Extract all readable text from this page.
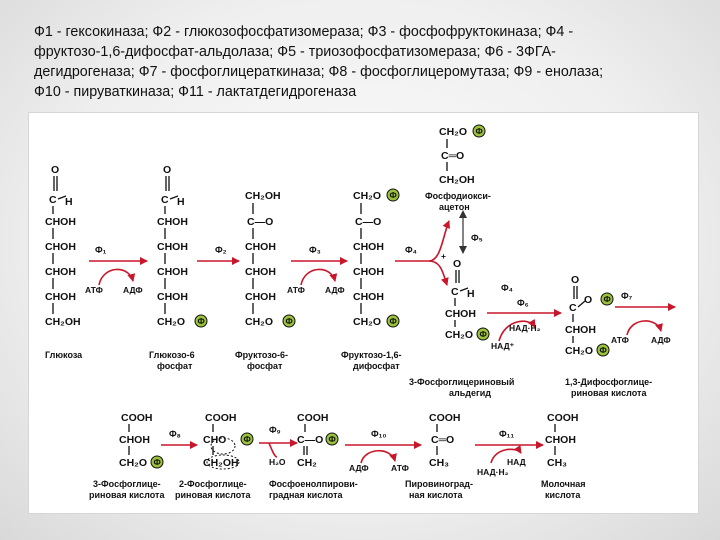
Ф1 - гексокиназа; Ф2 - глюкозофосфатизомераза; Ф3 - фосфофруктокиназа; Ф4 -
фруктозо-1,6-дифосфат-альдолаза; Ф5 - триозофосфатизомераза; Ф6 - 3ФГА-
дегидрогеназа; Ф7 - фосфоглицераткиназа; Ф8 - фосфоглицеромутаза; Ф9 - енолаза;
Ф10 - пируваткиназа; Ф11 - лактатдегидрогеназа
O
C H
CHOH
CHOH
CHOH
CHOH
CH₂OH
Глюкоза
Ф₁
АТФ АДФ
O
C H
CHOH
CHOH
CHOH
CHOH
CH₂O Ф
Глюкозо-6
фосфат
Ф₂
CH₂OH
C—O
CHOH
CHOH
CHOH
CH₂O Ф
Фруктозо-6-
фосфат
Ф₃
АТФ АДФ
CH₂O Ф
C—O
CHOH
CHOH
CHOH
CH₂O Ф
Фруктозо-1,6-
дифосфат
Ф₄
CH₂O Ф
C═O
CH₂OH
Фосфодиокси-
ацетон
Ф₅
+
O
C H
CHOH
CH₂O Ф
3-Фосфоглицериновый
альдегид
Ф₄
Ф₆
НАД·Н₂
НАД⁺
O
C
O Ф
CHOH
CH₂O Ф
1,3-Дифосфоглице-
риновая кислота
Ф₇
АТФ	АДФ
COOH
CHOH
CH₂O Ф
3-Фосфоглице-
риновая кислота
Ф₈
COOH
CHO Ф
CH₂OH
2-Фосфоглице-
риновая кислота
Ф₉
H₂O
COOH
C—O Ф
CH₂
Фосфоенолпирови-
градная кислота
Ф₁₀
АДФ	АТФ
COOH
C═O
CH₃
Пировиноград-
ная кислота
Ф₁₁
НАД
НАД·Н₂
COOH
CHOH
CH₃
Молочная
кислота
